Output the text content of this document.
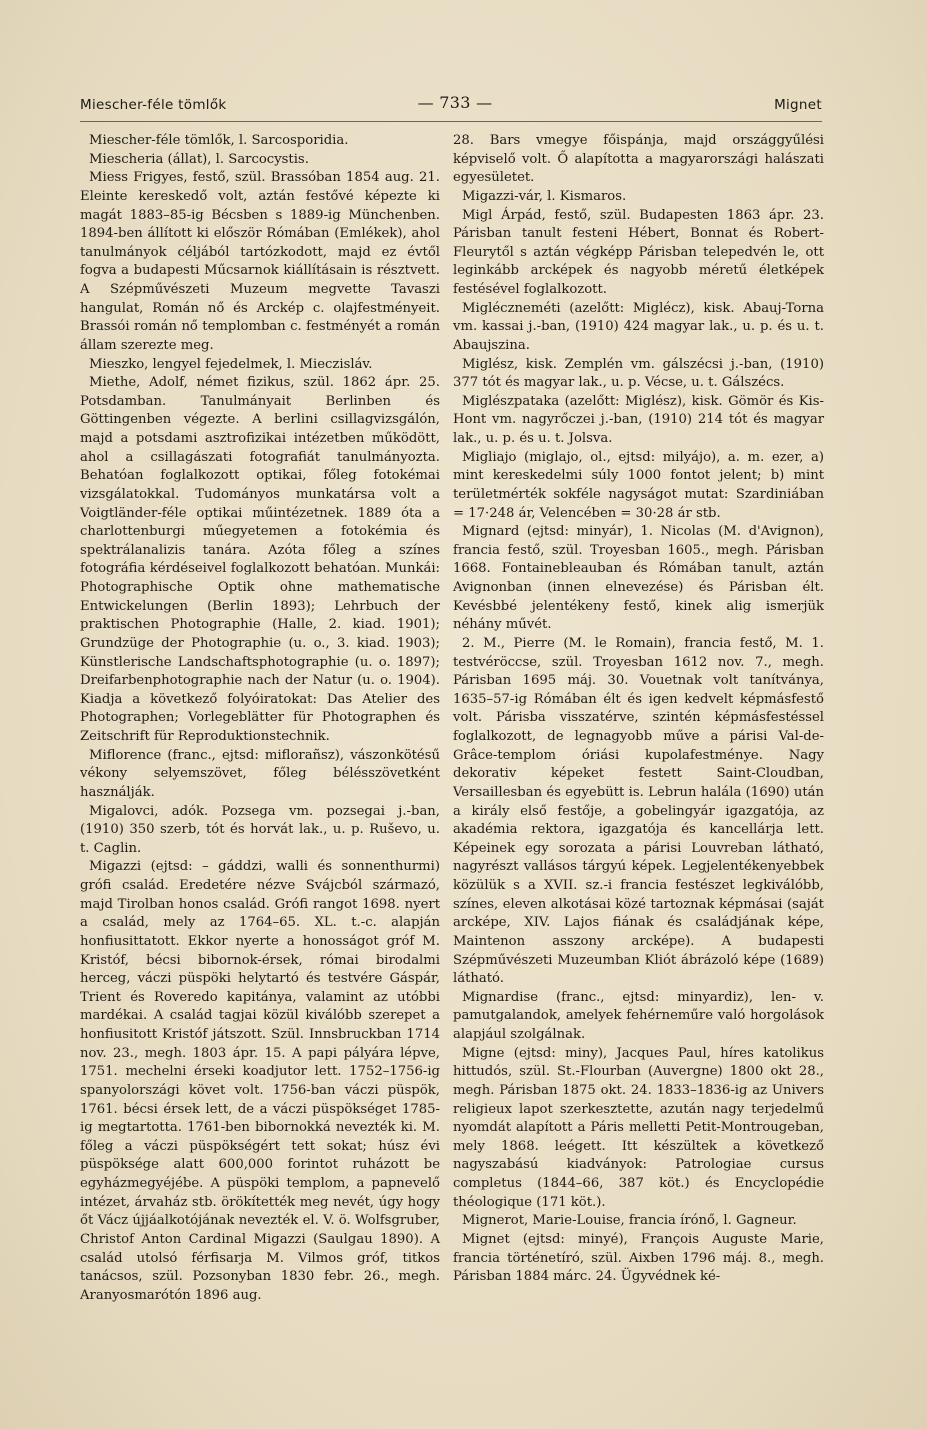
Miescher-féle tömlők	— 733 —	Mignet

Miescher-féle tömlők, l. Sarcosporidia.

Miescheria (állat), l. Sarcocystis.

Miess Frigyes, festő, szül. Brassóban 1854 aug. 21. Eleinte kereskedő volt, aztán festővé képezte ki magát 1883–85-ig Bécsben s 1889-ig Münchenben. 1894-ben állított ki először Rómában (Emlékek), ahol tanulmányok céljából tartózkodott, majd ez évtől fogva a budapesti Műcsarnok kiállításain is résztvett. A Szépművészeti Muzeum megvette Tavaszi hangulat, Román nő és Arckép c. olajfestményeit. Brassói román nő templomban c. festményét a román állam szerezte meg.

Mieszko, lengyel fejedelmek, l. Mieczisláv.

Miethe, Adolf, német fizikus, szül. 1862 ápr. 25. Potsdamban. Tanulmányait Berlinben és Göttingenben végezte. A berlini csillagvizsgálón, majd a potsdami asztrofizikai intézetben működött, ahol a csillagászati fotografiát tanulmányozta. Behatóan foglalkozott optikai, főleg fotokémai vizsgálatokkal. Tudományos munkatársa volt a Voigtländer-féle optikai műintézetnek. 1889 óta a charlottenburgi műegyetemen a fotokémia és spektrálanalizis tanára. Azóta főleg a színes fotográfia kérdéseivel foglalkozott behatóan. Munkái: Photographische Optik ohne mathematische Entwickelungen (Berlin 1893); Lehrbuch der praktischen Photographie (Halle, 2. kiad. 1901); Grundzüge der Photographie (u. o., 3. kiad. 1903); Künstlerische Landschaftsphotographie (u. o. 1897); Dreifarbenphotographie nach der Natur (u. o. 1904). Kiadja a következő folyóiratokat: Das Atelier des Photographen; Vorlegeblätter für Photographen és Zeitschrift für Reproduktionstechnik.

Miflorence (franc., ejtsd: miflorañsz), vászonkötésű vékony selyemszövet, főleg bélésszövetként használják.

Migalovci, adók. Pozsega vm. pozsegai j.-ban, (1910) 350 szerb, tót és horvát lak., u. p. Ruševo, u. t. Caglin.

Migazzi (ejtsd: – gáddzi, walli és sonnenthurmi) grófi család. Eredetére nézve Svájcból származó, majd Tirolban honos család. Grófi rangot 1698. nyert a család, mely az 1764–65. XL. t.-c. alapján honfiusittatott. Ekkor nyerte a honosságot gróf M. Kristóf, bécsi bibornok-érsek, római birodalmi herceg, váczi püspöki helytartó és testvére Gáspár, Trient és Roveredo kapitánya, valamint az utóbbi mardékai. A család tagjai közül kiválóbb szerepet a honfiusitott Kristóf játszott. Szül. Innsbruckban 1714 nov. 23., megh. 1803 ápr. 15. A papi pályára lépve, 1751. mechelni érseki koadjutor lett. 1752–1756-ig spanyolországi követ volt. 1756-ban váczi püspök, 1761. bécsi érsek lett, de a váczi püspökséget 1785-ig megtartotta. 1761-ben bibornokká nevezték ki. M. főleg a váczi püspökségért tett sokat; húsz évi püspöksége alatt 600,000 forintot ruházott be egyházmegyéjébe. A püspöki templom, a papnevelő intézet, árvaház stb. örökítették meg nevét, úgy hogy őt Vácz újjáalkotójának nevezték el. V. ö. Wolfsgruber, Christof Anton Cardinal Migazzi (Saulgau 1890). A család utolsó férfisarja M. Vilmos gróf, titkos tanácsos, szül. Pozsonyban 1830 febr. 26., megh. Aranyosmarótón 1896 aug.

28. Bars vmegye főispánja, majd országgyűlési képviselő volt. Ő alapította a magyarországi halászati egyesületet.

Migazzi-vár, l. Kismaros.

Migl Árpád, festő, szül. Budapesten 1863 ápr. 23. Párisban tanult festeni Hébert, Bonnat és Robert-Fleurytől s aztán végképp Párisban telepedvén le, ott leginkább arcképek és nagyobb méretű életképek festésével foglalkozott.

Migléczneméti (azelőtt: Miglécz), kisk. Abauj-Torna vm. kassai j.-ban, (1910) 424 magyar lak., u. p. és u. t. Abaujszina.

Miglész, kisk. Zemplén vm. gálszécsi j.-ban, (1910) 377 tót és magyar lak., u. p. Vécse, u. t. Gálszécs.

Miglészpataka (azelőtt: Miglész), kisk. Gömör és Kis-Hont vm. nagyrőczei j.-ban, (1910) 214 tót és magyar lak., u. p. és u. t. Jolsva.

Migliajo (miglajo, ol., ejtsd: milyájo), a. m. ezer, a) mint kereskedelmi súly 1000 fontot jelent; b) mint területmérték sokféle nagyságot mutat: Szardiniában = 17·248 ár, Velencében = 30·28 ár stb.

Mignard (ejtsd: minyár), 1. Nicolas (M. d'Avignon), francia festő, szül. Troyesban 1605., megh. Párisban 1668. Fontainebleauban és Rómában tanult, aztán Avignonban (innen elnevezése) és Párisban élt. Kevésbbé jelentékeny festő, kinek alig ismerjük néhány művét.

2. M., Pierre (M. le Romain), francia festő, M. 1. testvéröccse, szül. Troyesban 1612 nov. 7., megh. Párisban 1695 máj. 30. Vouetnak volt tanítványa, 1635–57-ig Rómában élt és igen kedvelt képmásfestő volt. Párisba visszatérve, szintén képmásfestéssel foglalkozott, de legnagyobb műve a párisi Val-de-Grâce-templom óriási kupolafestménye. Nagy dekorativ képeket festett Saint-Cloudban, Versaillesban és egyebütt is. Lebrun halála (1690) után a király első festője, a gobelingyár igazgatója, az akadémia rektora, igazgatója és kancellárja lett. Képeinek egy sorozata a párisi Louvreban látható, nagyrészt vallásos tárgyú képek. Legjelentékenyebbek közülük s a XVII. sz.-i francia festészet legkiválóbb, színes, eleven alkotásai közé tartoznak képmásai (saját arcképe, XIV. Lajos fiának és családjának képe, Maintenon asszony arcképe). A budapesti Szépművészeti Muzeumban Kliót ábrázoló képe (1689) látható.

Mignardise (franc., ejtsd: minyardiz), len- v. pamutgalandok, amelyek fehérneműre való horgolások alapjául szolgálnak.

Migne (ejtsd: miny), Jacques Paul, híres katolikus hittudós, szül. St.-Flourban (Auvergne) 1800 okt 28., megh. Párisban 1875 okt. 24. 1833–1836-ig az Univers religieux lapot szerkesztette, azután nagy terjedelmű nyomdát alapított a Páris melletti Petit-Montrougeban, mely 1868. leégett. Itt készültek a következő nagyszabású kiadványok: Patrologiae cursus completus (1844–66, 387 köt.) és Encyclopédie théologique (171 köt.).

Mignerot, Marie-Louise, francia írónő, l. Gagneur.

Mignet (ejtsd: minyé), François Auguste Marie, francia történetíró, szül. Aixben 1796 máj. 8., megh. Párisban 1884 márc. 24. Ügyvédnek ké-
